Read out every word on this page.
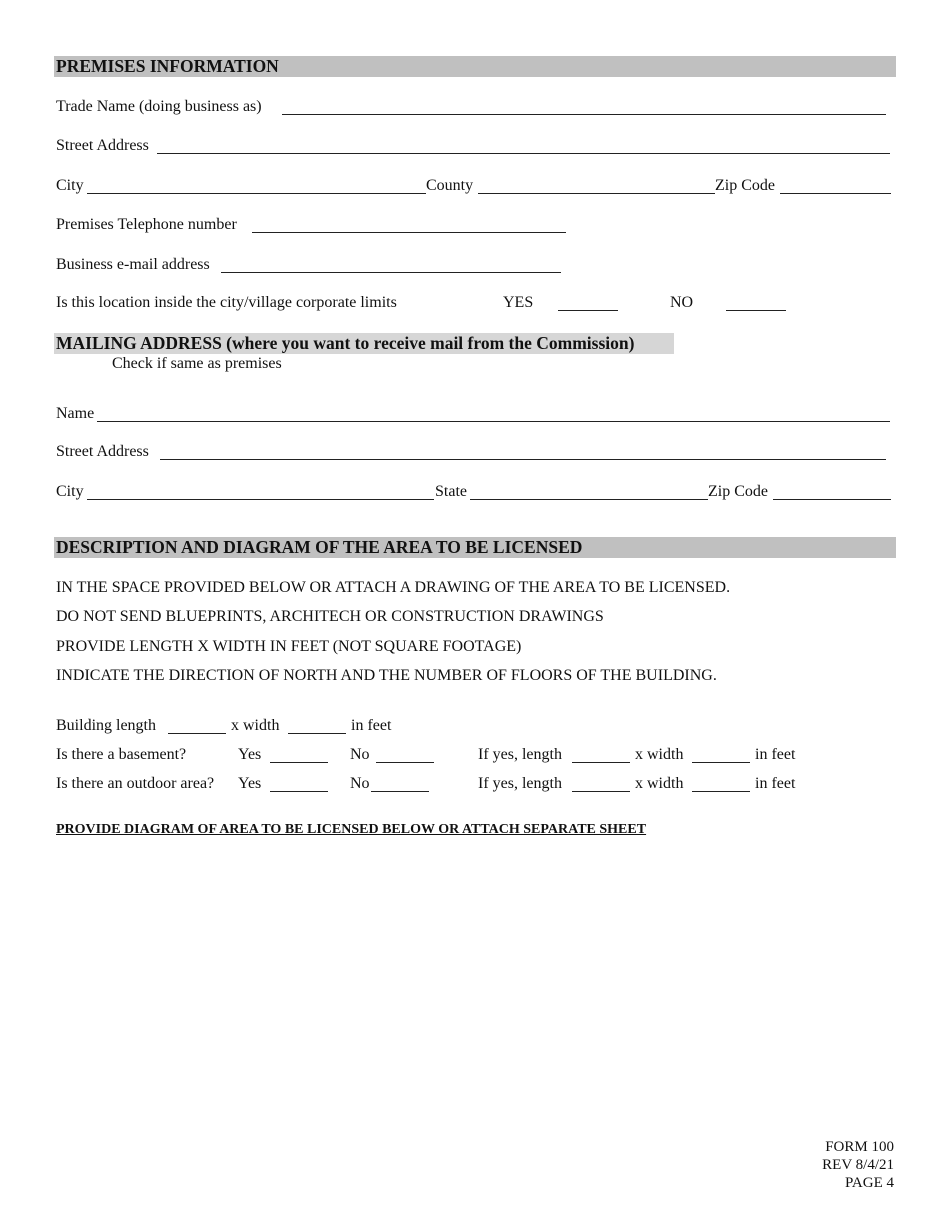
PREMISES INFORMATION
Trade Name (doing business as)
Street Address
City	County	Zip Code
Premises Telephone number
Business e-mail address
Is this location inside the city/village corporate limits	YES	NO
MAILING ADDRESS (where you want to receive mail from the Commission)
Check if same as premises
Name
Street Address
City	State	Zip Code
DESCRIPTION AND DIAGRAM OF THE AREA TO BE LICENSED
IN THE SPACE PROVIDED BELOW OR ATTACH A DRAWING OF THE AREA TO BE LICENSED.
DO NOT SEND BLUEPRINTS, ARCHITECH OR CONSTRUCTION DRAWINGS
PROVIDE LENGTH X WIDTH IN FEET (NOT SQUARE FOOTAGE)
INDICATE THE DIRECTION OF NORTH AND THE NUMBER OF FLOORS OF THE BUILDING.
Building length	x width	in feet
Is there a basement?	Yes	No	If yes, length	x width	in feet
Is there an outdoor area? Yes	No	If yes, length	x width	in feet
PROVIDE DIAGRAM OF AREA TO BE LICENSED BELOW OR ATTACH SEPARATE SHEET
FORM 100
REV 8/4/21
PAGE 4
